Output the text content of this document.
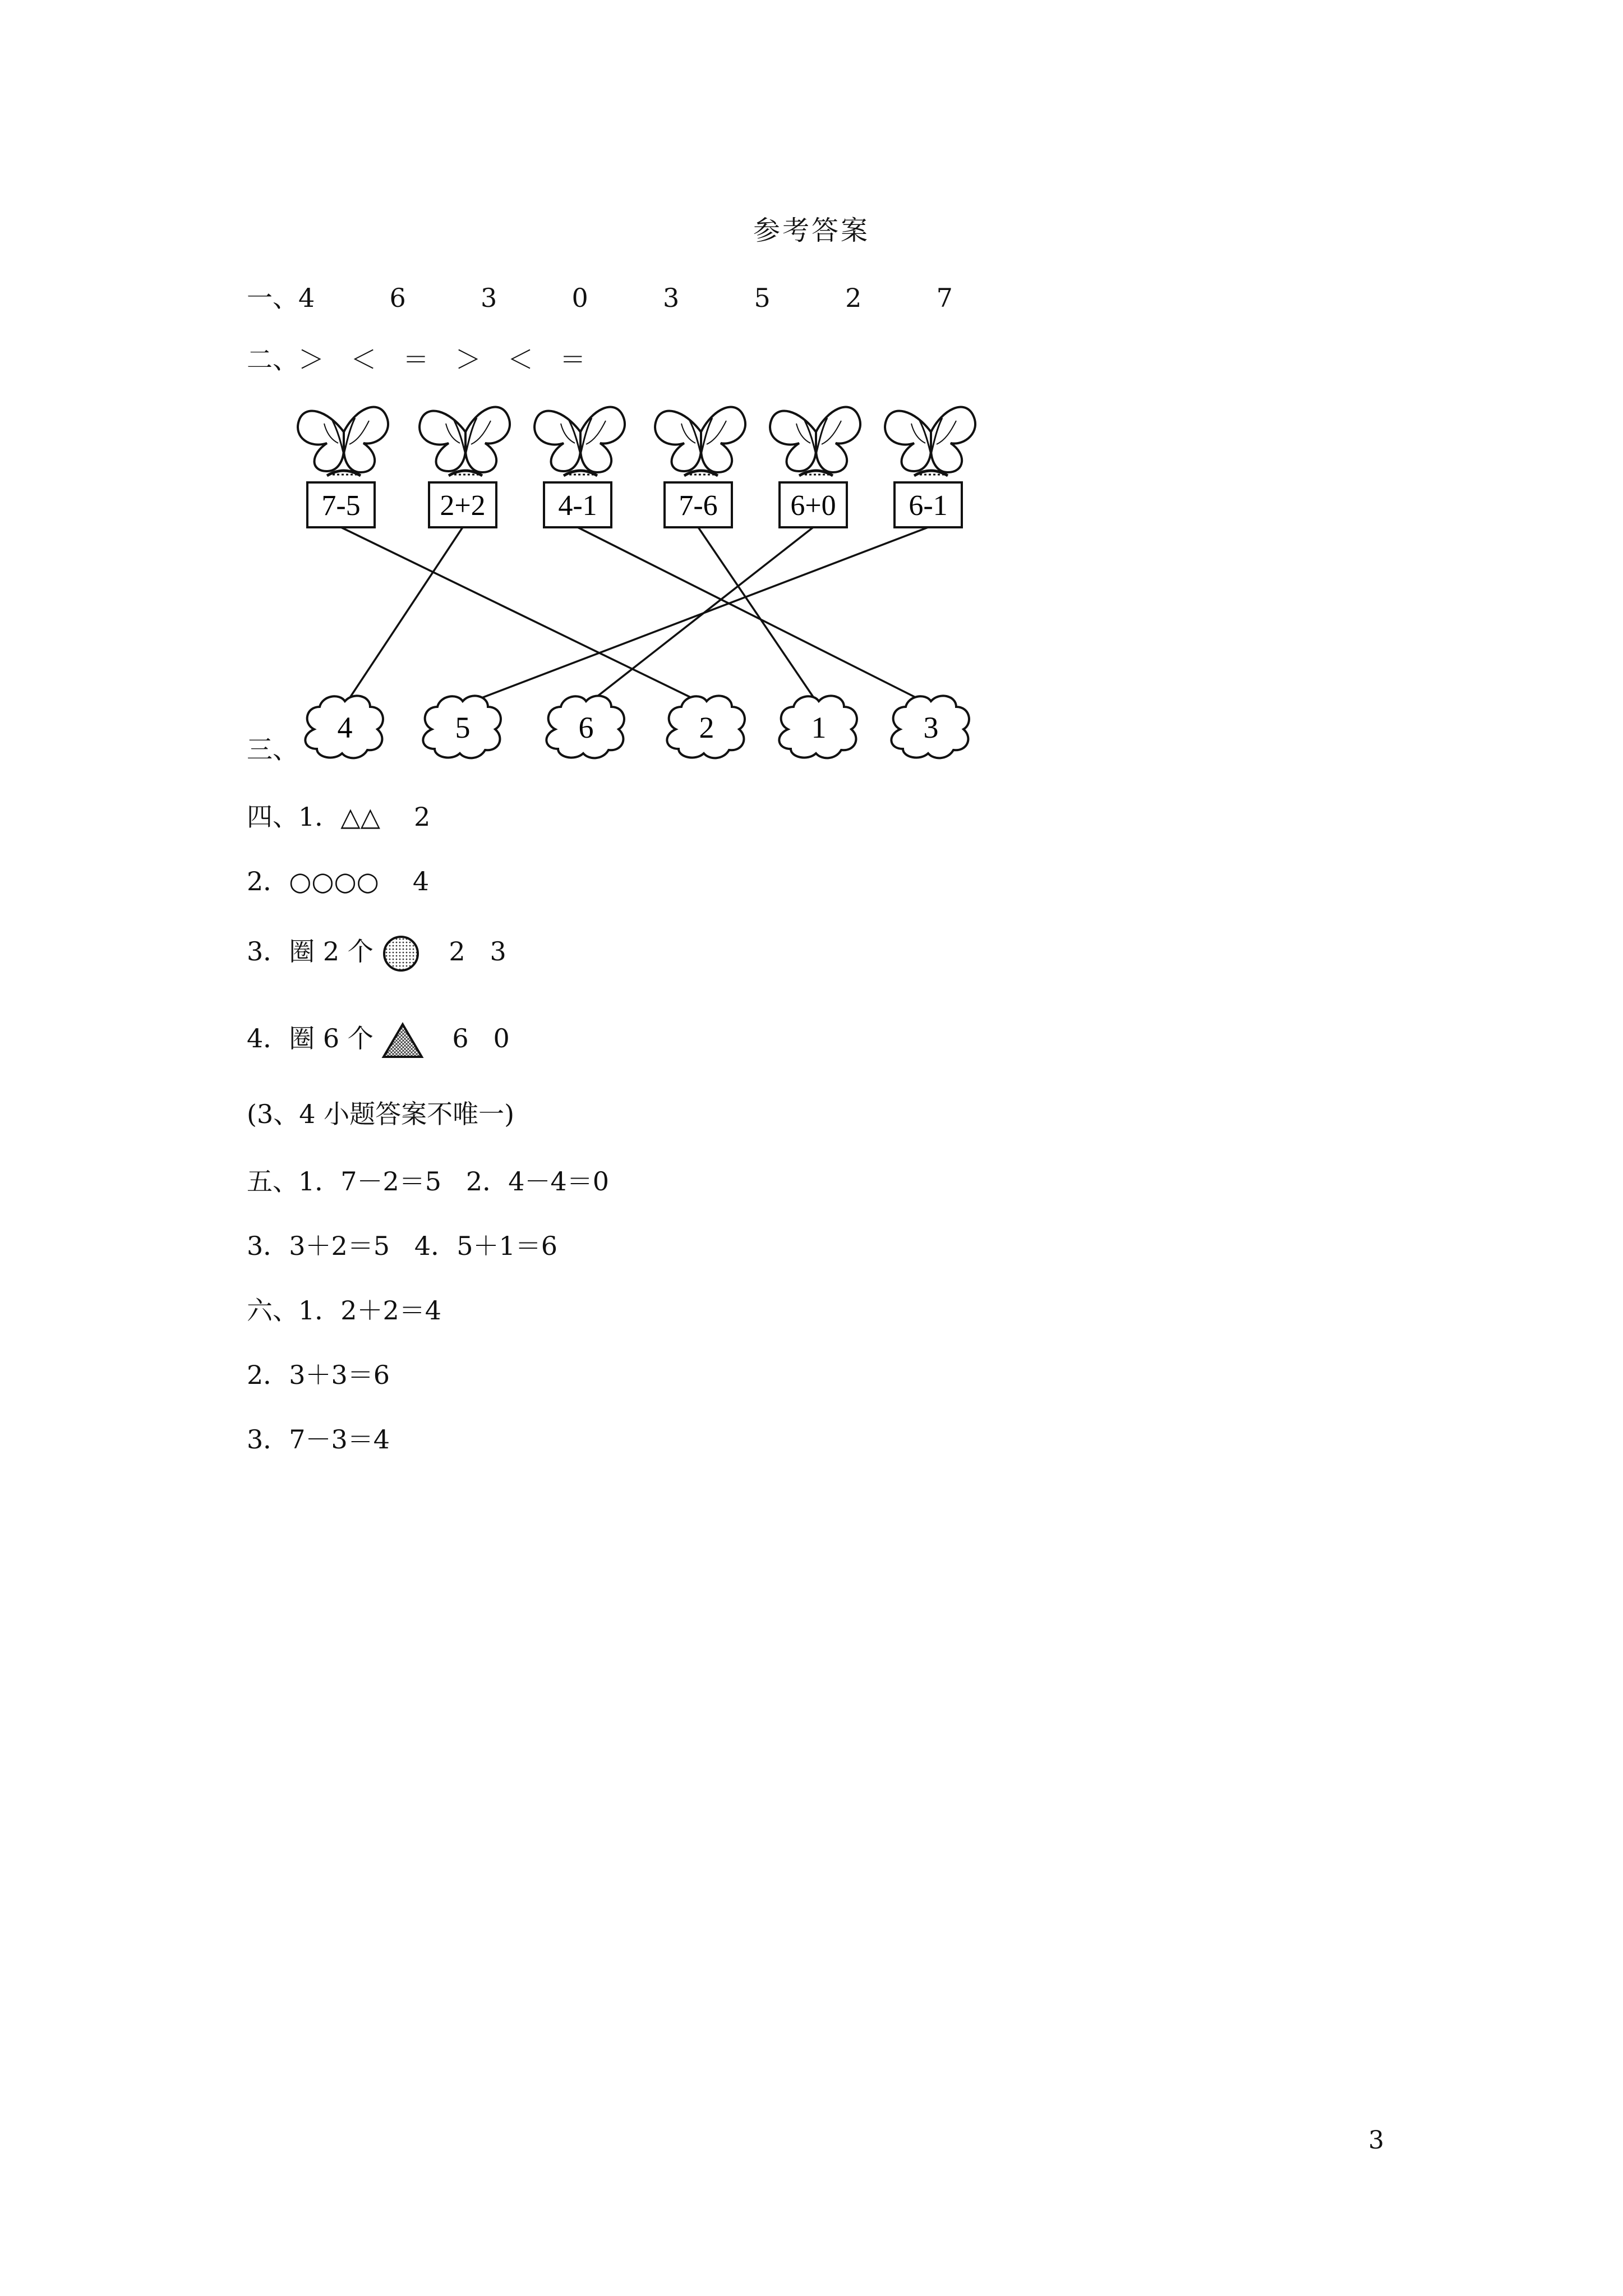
参考答案
一、4  6  3  0  3  5  2  7
二、＞  ＜  ＝  ＞  ＜  ＝
7-5	2+2 4-1	7-6 6+0 6-1
4	5	6	2	1	3
三、
四、1．△△ 2
2．○○○○ 4
3．圈 2 个	2   3
4．圈 6 个	6   0
(3、4 小题答案不唯一)
五、1．7－2＝5   2．4－4＝0
3．3＋2＝5   4．5＋1＝6
六、1．2＋2＝4
2．3＋3＝6
3．7－3＝4
3
